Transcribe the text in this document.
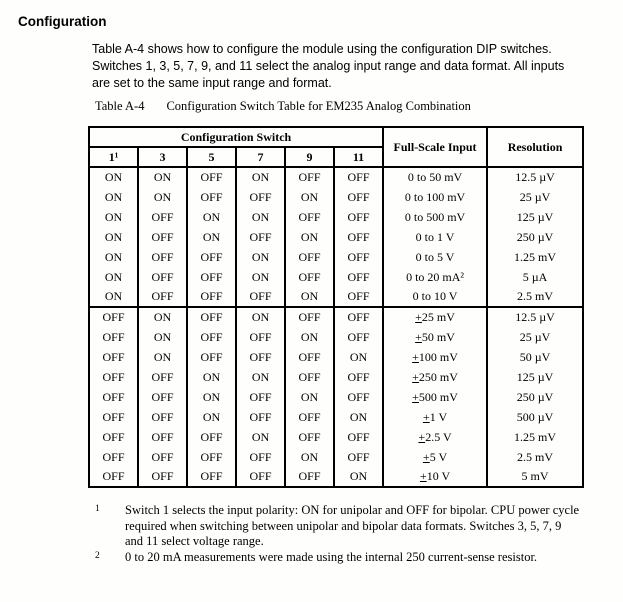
Configuration

Table A-4 shows how to configure the module using the configuration DIP switches. Switches 1, 3, 5, 7, 9, and 11 select the analog input range and data format. All inputs are set to the same input range and format.

Table A-4 Configuration Switch Table for EM235 Analog Combination
Configuration Switch						Full-Scale Input	Resolution
1¹	3	5	7	9	11		
ON	ON	OFF	ON	OFF	OFF	0 to 50 mV	12.5 µV
ON	ON	OFF	OFF	ON	OFF	0 to 100 mV	25 µV
ON	OFF	ON	ON	OFF	OFF	0 to 500 mV	125 µV
ON	OFF	ON	OFF	ON	OFF	0 to 1 V	250 µV
ON	OFF	OFF	ON	OFF	OFF	0 to 5 V	1.25 mV
ON	OFF	OFF	ON	OFF	OFF	0 to 20 mA²	5 µA
ON	OFF	OFF	OFF	ON	OFF	0 to 10 V	2.5 mV
OFF	ON	OFF	ON	OFF	OFF	+25 mV	12.5 µV
OFF	ON	OFF	OFF	ON	OFF	+50 mV	25 µV
OFF	ON	OFF	OFF	OFF	ON	+100 mV	50 µV
OFF	OFF	ON	ON	OFF	OFF	+250 mV	125 µV
OFF	OFF	ON	OFF	ON	OFF	+500 mV	250 µV
OFF	OFF	ON	OFF	OFF	ON	+1 V	500 µV
OFF	OFF	OFF	ON	OFF	OFF	+2.5 V	1.25 mV
OFF	OFF	OFF	OFF	ON	OFF	+5 V	2.5 mV
OFF	OFF	OFF	OFF	OFF	ON	+10 V	5 mV
1	Switch 1 selects the input polarity: ON for unipolar and OFF for bipolar. CPU power cycle required when switching between unipolar and bipolar data formats. Switches 3, 5, 7, 9 and 11 select voltage range.
2	0 to 20 mA measurements were made using the internal 250 current-sense resistor.
